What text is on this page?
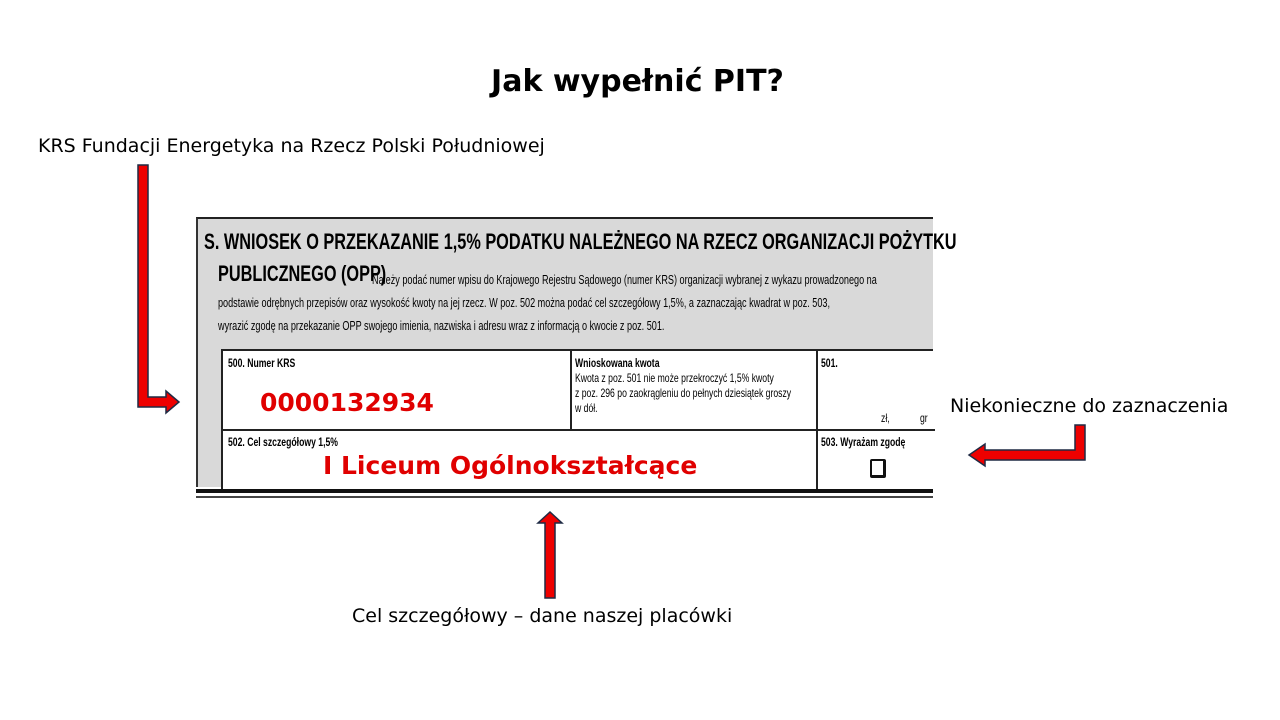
Jak wypełnić PIT?
KRS Fundacji Energetyka na Rzecz Polski Południowej
Niekonieczne do zaznaczenia
Cel szczegółowy – dane naszej placówki
S. WNIOSEK O PRZEKAZANIE 1,5% PODATKU NALEŻNEGO NA RZECZ ORGANIZACJI POŻYTKU
PUBLICZNEGO (OPP)
Należy podać numer wpisu do Krajowego Rejestru Sądowego (numer KRS) organizacji wybranej z wykazu prowadzonego na
podstawie odrębnych przepisów oraz wysokość kwoty na jej rzecz. W poz. 502 można podać cel szczegółowy 1,5%, a zaznaczając kwadrat w poz. 503,
wyrazić zgodę na przekazanie OPP swojego imienia, nazwiska i adresu wraz z informacją o kwocie z poz. 501.
500. Numer KRS
0000132934
Wnioskowana kwota
Kwota z poz. 501 nie może przekroczyć 1,5% kwoty
z poz. 296 po zaokrągleniu do pełnych dziesiątek groszy
w dół.
501.
zł,	gr
502. Cel szczegółowy 1,5%
I Liceum Ogólnokształcące
503. Wyrażam zgodę
